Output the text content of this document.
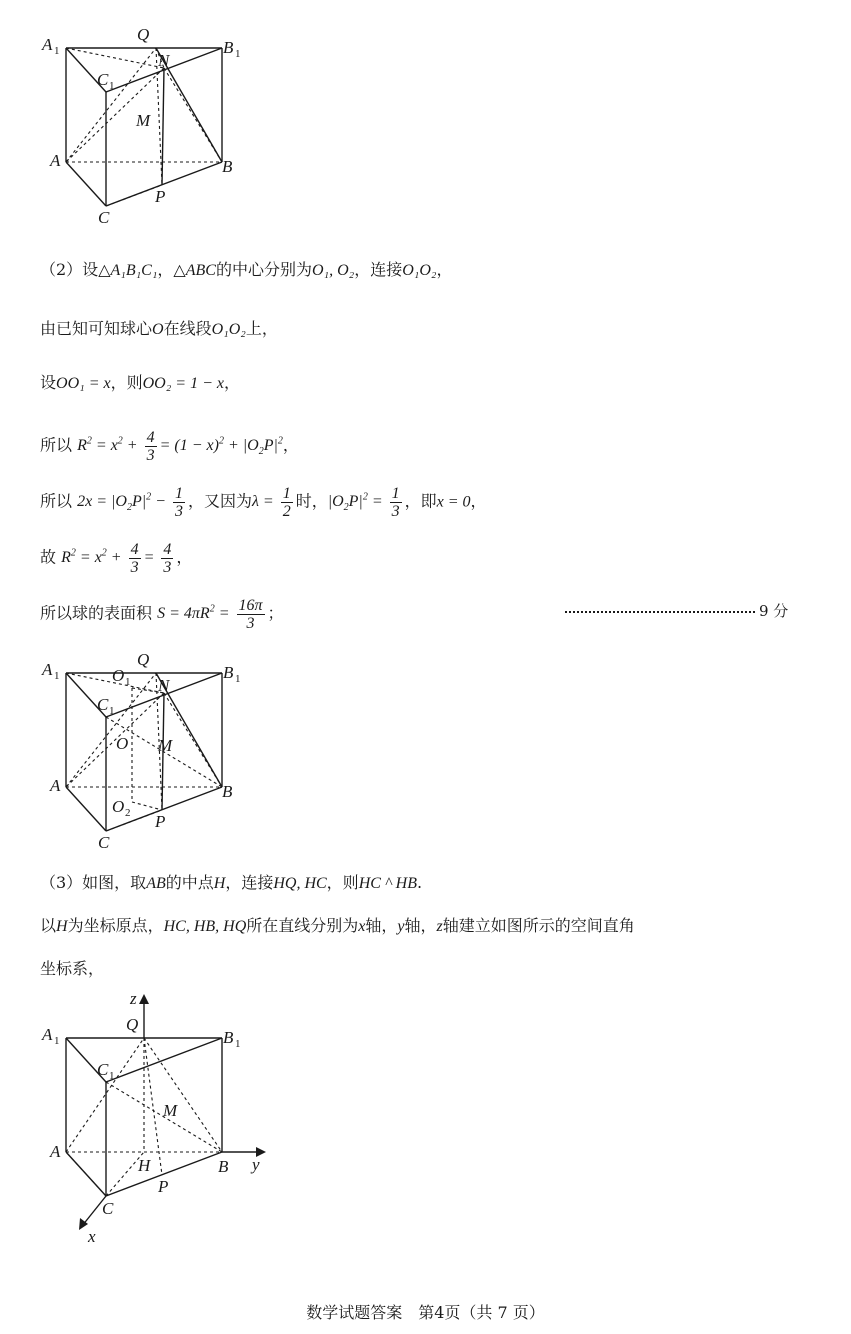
A 1	B 1
C 1
Q
N
M
A	B
C
P
（2）设△A₁B₁C₁，△ABC的中心分别为O₁, O₂，连接O₁O₂，
由已知可知球心O在线段O₁O₂上，
设OO₁ = x，则OO₂ = 1 − x，
所以 $R^2 = x^2 + \frac{4}{3} = (1 - x)^2 + |O_2P|^2$，
所以 $2x = |O_2P|^2 - \frac{1}{3}$ ，又因为$\lambda = \frac{1}{2}$ 时，$|O_2P|^2 = \frac{1}{3}$ ，即x = 0，
故 $R^2 = x^2 + \frac{4}{3} = \frac{4}{3}$ ，
所以球的表面积 $S = 4\pi R^2 = \frac{16\pi}{3}$ ；	9 分
A 1	B 1
C 1
O 1
Q
N
O M
A	B
O 2
C
P
（3）如图，取AB的中点H，连接HQ, HC，则HC ^ HB.
以H为坐标原点，HC, HB, HQ所在直线分别为x轴，y轴，z轴建立如图所示的空间直角
坐标系，
A 1	B 1
C 1
Q
z
M
A
H	B y
P
C
x
数学试题答案　第4页（共 7 页）
